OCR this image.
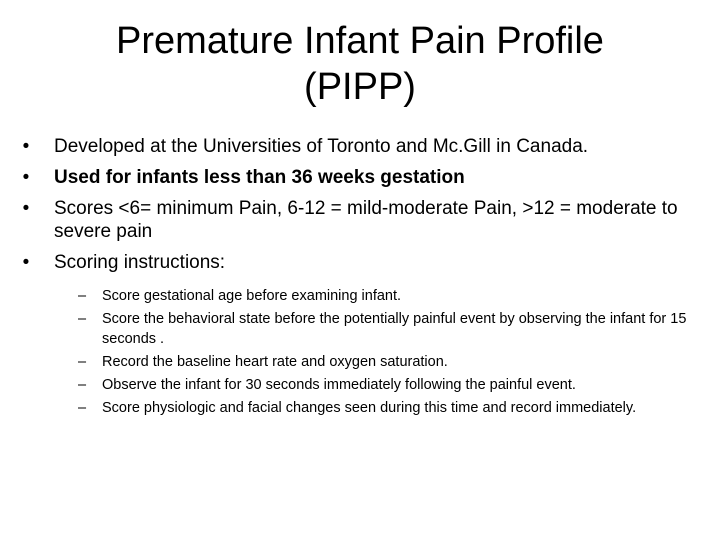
Premature Infant Pain Profile
(PIPP)
•	Developed at the Universities of Toronto and Mc.Gill in Canada.
•	Used for infants less than 36 weeks gestation
•	Scores <6= minimum Pain, 6-12 = mild-moderate Pain, >12 = moderate to severe pain
•	Scoring instructions:
–	Score gestational age before examining infant.
–	Score the behavioral state before the potentially painful event by observing the infant for 15 seconds .
–	Record the baseline heart rate and oxygen saturation.
–	Observe the infant for 30 seconds immediately following the painful event.
–	Score physiologic and facial changes seen during this time and record immediately.
